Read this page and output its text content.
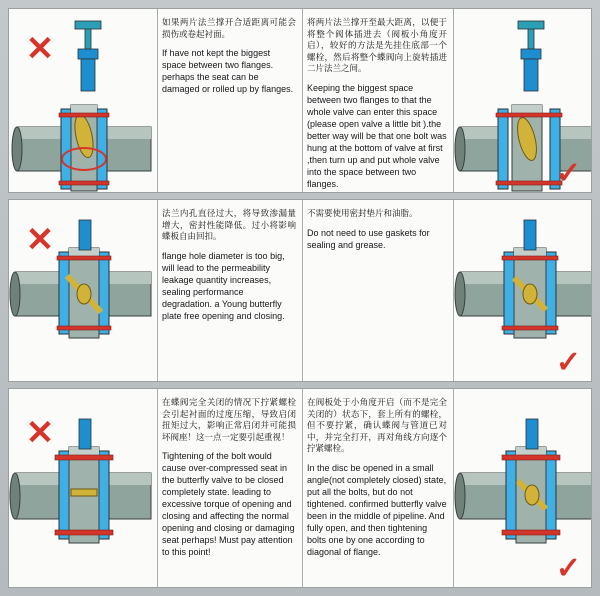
✕

如果两片法兰撑开合适距离可能会损伤或卷起衬面。

If have not kept the biggest space between two flanges. perhaps the seat can be damaged or rolled up by flanges.

将两片法兰撑开至最大距离，以便于将整个阀体插进去（阀板小角度开启），较好的方法是先挂住底部一个螺栓，然后将整个蝶阀向上旋转插进二片法兰之间。

Keeping the biggest space between two flanges to that the whole valve can enter this space (please open valve a little bit ).the better way will be that one bolt was hung at the bottom of valve at first ,then turn up and put whole valve into the space between two flanges.	✓
✕

法兰内孔直径过大，将导致渗漏量增大，密封性能降低。过小将影响蝶板自由回扣。

flange hole diameter is too big, will lead to the permeability leakage quantity increases, sealing performance degradation. a Young butterfly plate free opening and closing.

不需要使用密封垫片和油脂。

Do not need to use gaskets for sealing and grease.

✓
✕

在蝶阀完全关闭的情况下拧紧螺栓会引起衬面的过度压缩，导致启闭扭矩过大，影响正常启闭并可能损坏阀座！这一点一定要引起重视！

Tightening of the bolt would cause over-compressed seat in the butterfly valve to be closed completely state. leading to excessive torque of opening and closing and affecting the normal opening and closing or damaging seat perhaps! Must pay attention to this point!

在阀板处于小角度开启（而不是完全关闭的）状态下，套上所有的螺栓，但不要拧紧，确认蝶阀与管道已对中，并完全打开，再对角线方向逐个拧紧螺栓。

In the disc be opened in a small angle(not completely closed) state, put all the bolts, but do not tightened. confirmed butterfly valve been in the middle of pipeline. And fully open, and then tightening bolts one by one according to diagonal of flange.

✓
